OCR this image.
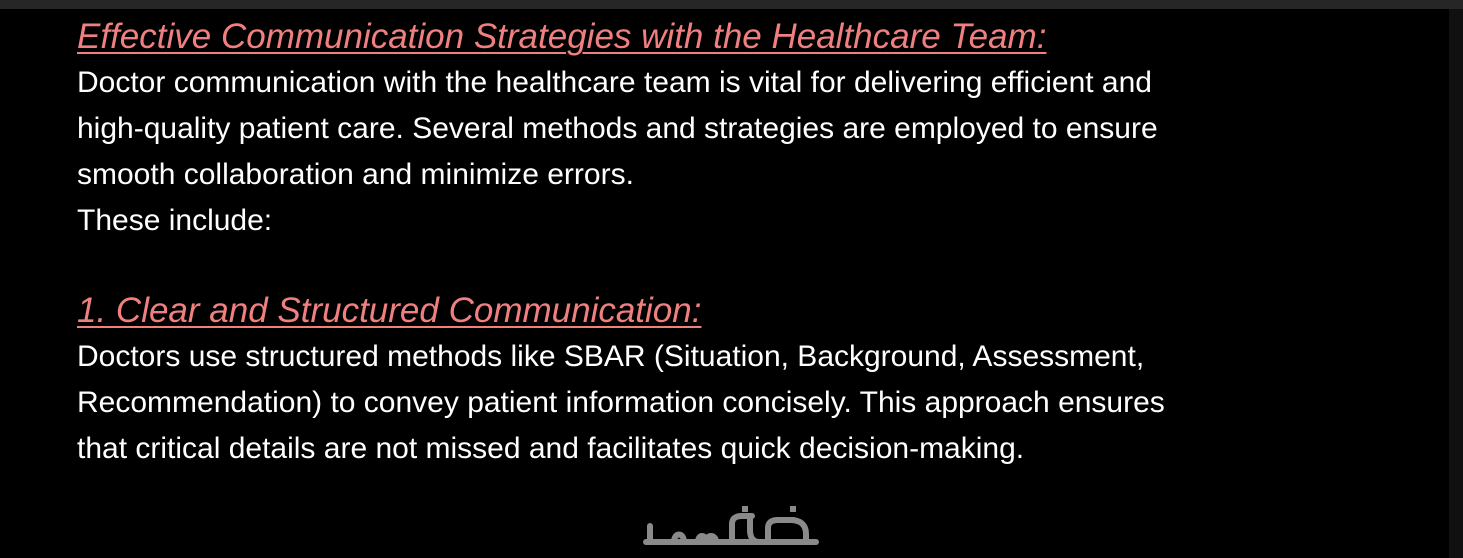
Effective Communication Strategies with the Healthcare Team:

Doctor communication with the healthcare team is vital for delivering efficient and

high-quality patient care. Several methods and strategies are employed to ensure

smooth collaboration and minimize errors.

These include:

1. Clear and Structured Communication:

Doctors use structured methods like SBAR (Situation, Background, Assessment,

Recommendation) to convey patient information concisely. This approach ensures

that critical details are not missed and facilitates quick decision-making.
